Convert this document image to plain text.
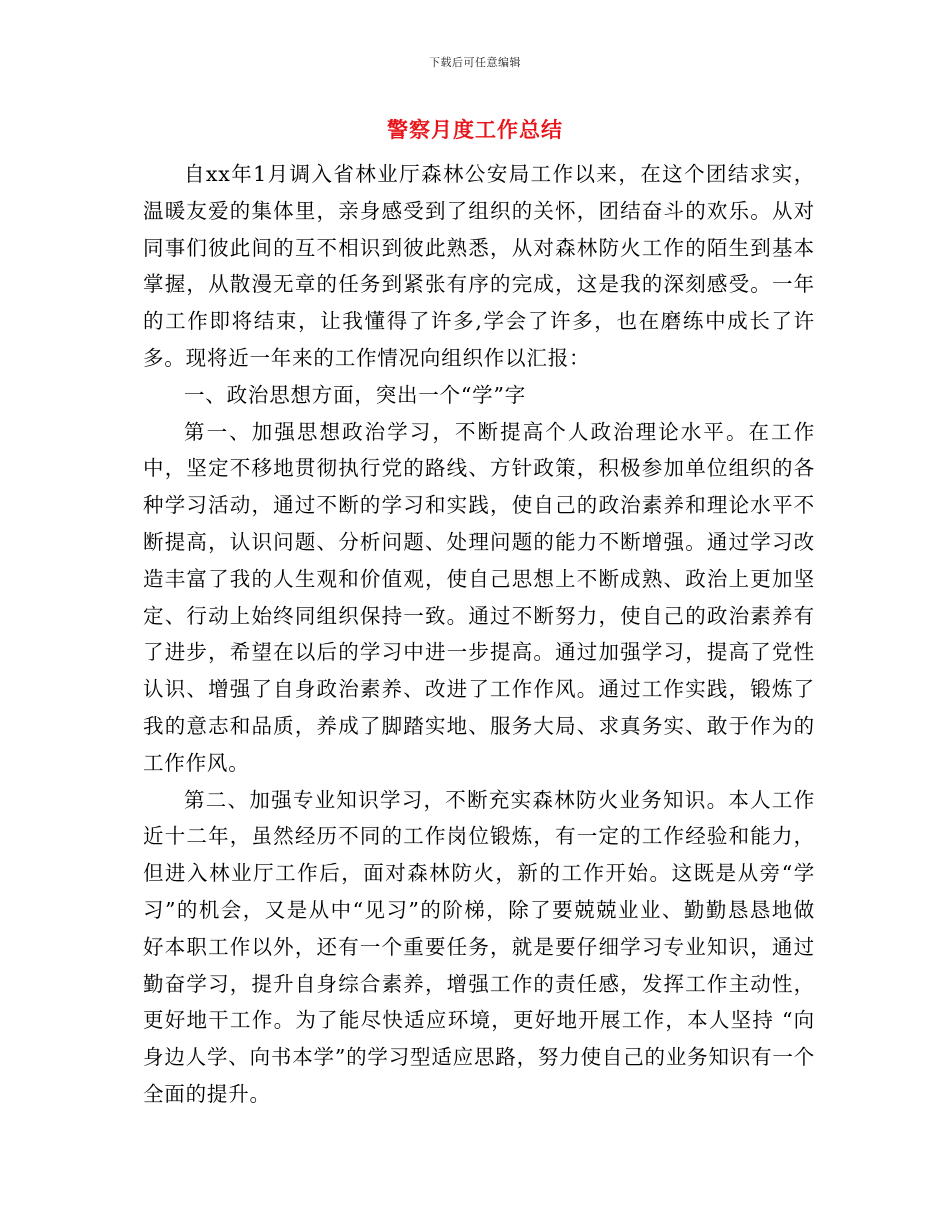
下载后可任意编辑
警察月度工作总结

自xx年1月调入省林业厅森林公安局工作以来，在这个团结求实，温暖友爱的集体里，亲身感受到了组织的关怀，团结奋斗的欢乐。从对同事们彼此间的互不相识到彼此熟悉，从对森林防火工作的陌生到基本掌握，从散漫无章的任务到紧张有序的完成，这是我的深刻感受。一年的工作即将结束，让我懂得了许多,学会了许多，也在磨练中成长了许多。现将近一年来的工作情况向组织作以汇报：

一、政治思想方面，突出一个“学”字

第一、加强思想政治学习，不断提高个人政治理论水平。在工作中，坚定不移地贯彻执行党的路线、方针政策，积极参加单位组织的各种学习活动，通过不断的学习和实践，使自己的政治素养和理论水平不断提高，认识问题、分析问题、处理问题的能力不断增强。通过学习改造丰富了我的人生观和价值观，使自己思想上不断成熟、政治上更加坚定、行动上始终同组织保持一致。通过不断努力，使自己的政治素养有了进步，希望在以后的学习中进一步提高。通过加强学习，提高了党性认识、增强了自身政治素养、改进了工作作风。通过工作实践，锻炼了我的意志和品质，养成了脚踏实地、服务大局、求真务实、敢于作为的工作作风。

第二、加强专业知识学习，不断充实森林防火业务知识。本人工作近十二年，虽然经历不同的工作岗位锻炼，有一定的工作经验和能力，但进入林业厅工作后，面对森林防火，新的工作开始。这既是从旁“学习”的机会，又是从中“见习”的阶梯，除了要兢兢业业、勤勤恳恳地做好本职工作以外，还有一个重要任务，就是要仔细学习专业知识，通过勤奋学习，提升自身综合素养，增强工作的责任感，发挥工作主动性，更好地干工作。为了能尽快适应环境，更好地开展工作，本人坚持 “向身边人学、向书本学”的学习型适应思路，努力使自己的业务知识有一个全面的提升。
